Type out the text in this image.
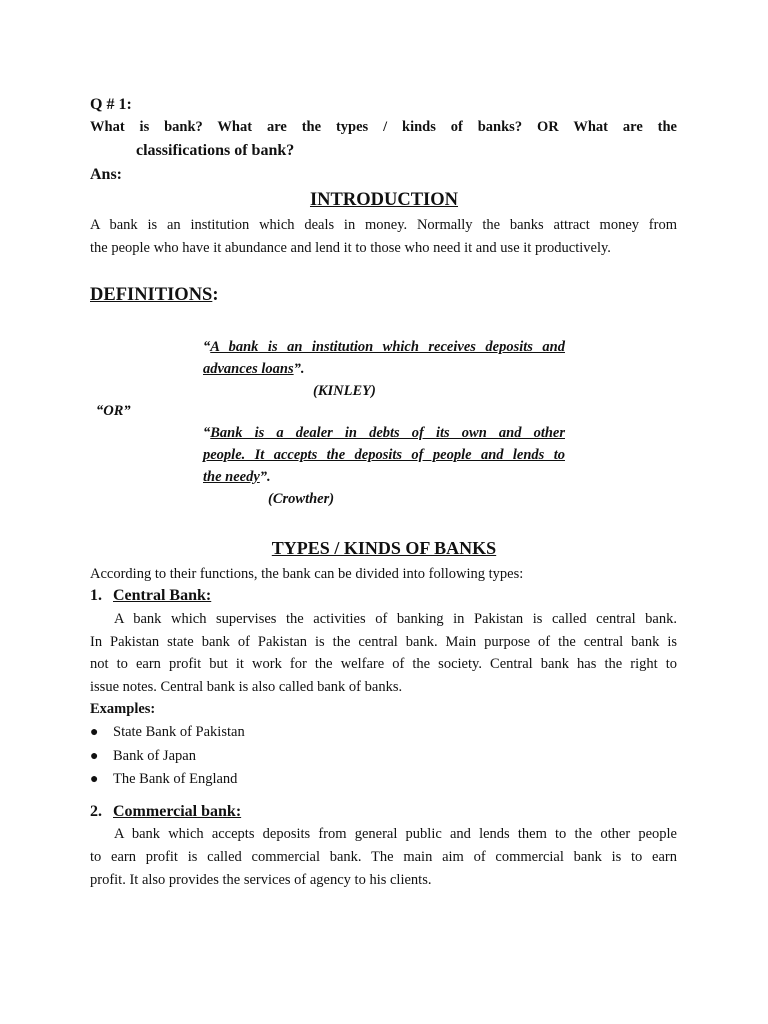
Q # 1:
What is bank? What are the types / kinds of banks? OR What are the
classifications of bank?
Ans:
INTRODUCTION
A bank is an institution which deals in money. Normally the banks attract money from
the people who have it abundance and lend it to those who need it and use it productively.
DEFINITIONS:
“A bank is an institution which receives deposits and
advances loans”.
(KINLEY)
“OR”
“Bank is a dealer in debts of its own and other
people. It accepts the deposits of people and lends to
the needy”.
(Crowther)
TYPES / KINDS OF BANKS
According to their functions, the bank can be divided into following types:
1. Central Bank:
A bank which supervises the activities of banking in Pakistan is called central bank.
In Pakistan state bank of Pakistan is the central bank. Main purpose of the central bank is
not to earn profit but it work for the welfare of the society. Central bank has the right to
issue notes. Central bank is also called bank of banks.
Examples:
● State Bank of Pakistan
● Bank of Japan
● The Bank of England
2. Commercial bank:
A bank which accepts deposits from general public and lends them to the other people
to earn profit is called commercial bank. The main aim of commercial bank is to earn
profit. It also provides the services of agency to his clients.
